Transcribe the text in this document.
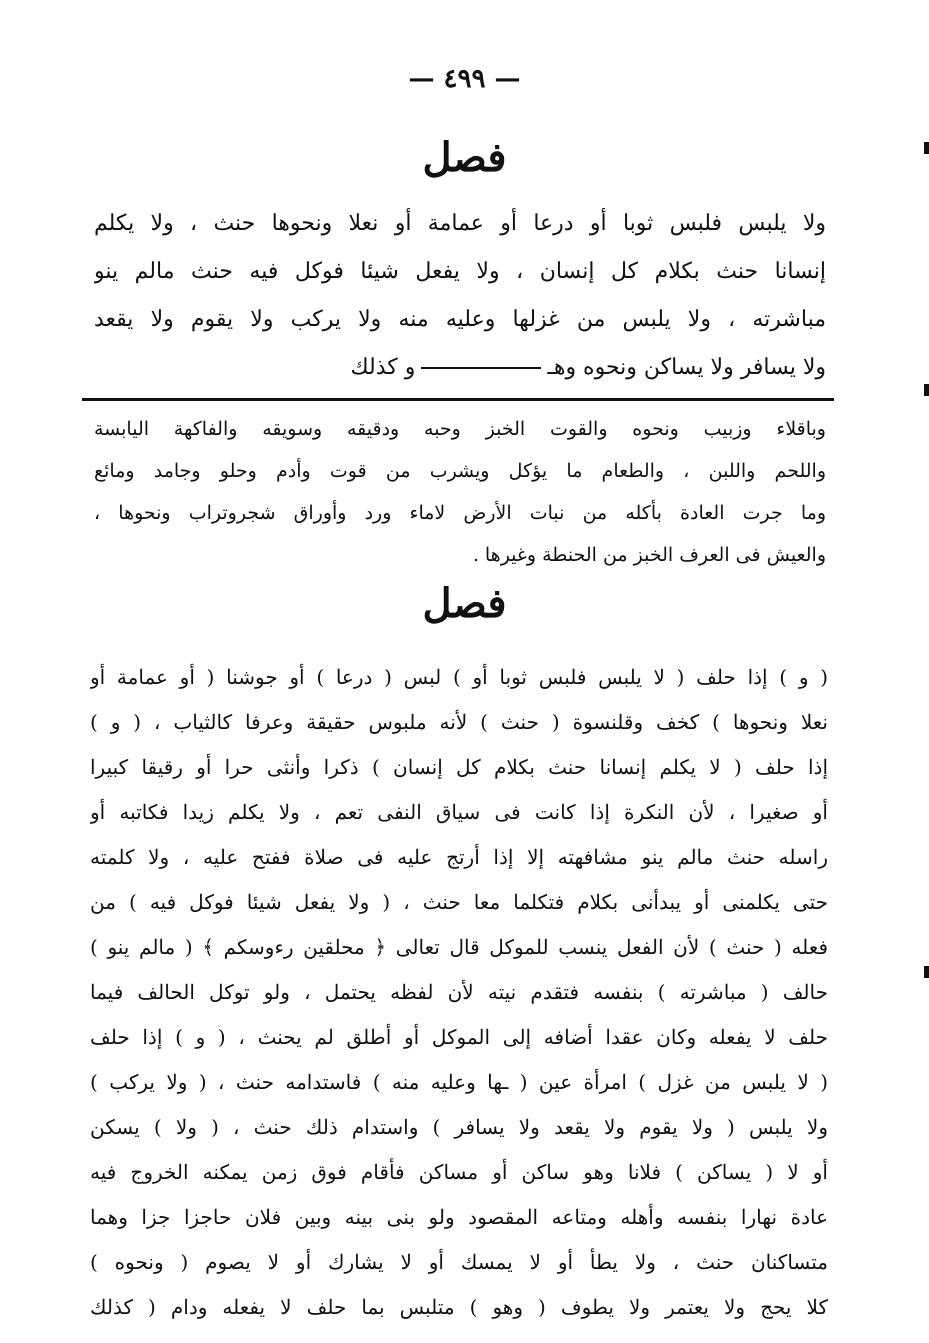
— ٤٩٩ —
فصل
ولا يلبس فلبس ثوبا أو درعا أو عمامة أو نعلا ونحوها حنث ، ولا يكلم
إنسانا حنث بكلام كل إنسان ، ولا يفعل شيئا فوكل فيه حنث مالم ينو
مباشرته ، ولا يلبس من غزلها وعليه منه ولا يركب ولا يقوم ولا يقعد
ولا يسافر ولا يساكن ونحوه وهـو كذلك
وباقلاء وزبيب ونحوه والقوت الخبز وحبه ودقيقه وسويقه والفاكهة اليابسة
واللحم واللبن ، والطعام ما يؤكل ويشرب من قوت وأدم وحلو وجامد ومائع
وما جرت العادة بأكله من نبات الأرض لاماء ورد وأوراق شجروتراب ونحوها ،
والعيش فى العرف الخبز من الحنطة وغيرها .
فصل
( و ) إذا حلف ( لا يلبس فلبس ثوبا أو ) لبس ( درعا ) أو جوشنا ( أو عمامة أو
نعلا ونحوها ) كخف وقلنسوة ( حنث ) لأنه ملبوس حقيقة وعرفا كالثياب ، ( و )
إذا حلف ( لا يكلم إنسانا حنث بكلام كل إنسان ) ذكرا وأنثى حرا أو رقيقا كبيرا
أو صغيرا ، لأن النكرة إذا كانت فى سياق النفى تعم ، ولا يكلم زيدا فكاتبه أو
راسله حنث مالم ينو مشافهته إلا إذا أرتج عليه فى صلاة ففتح عليه ، ولا كلمته
حتى يكلمنى أو يبدأنى بكلام فتكلما معا حنث ، ( ولا يفعل شيئا فوكل فيه ) من
فعله ( حنث ) لأن الفعل ينسب للموكل قال تعالى ﴿ محلقين رءوسكم ﴾ ( مالم ينو )
حالف ( مباشرته ) بنفسه فتقدم نيته لأن لفظه يحتمل ، ولو توكل الحالف فيما
حلف لا يفعله وكان عقدا أضافه إلى الموكل أو أطلق لم يحنث ، ( و ) إذا حلف
( لا يلبس من غزل ) امرأة عين ( ـها وعليه منه ) فاستدامه حنث ، ( ولا يركب )
ولا يلبس ( ولا يقوم ولا يقعد ولا يسافر ) واستدام ذلك حنث ، ( ولا ) يسكن
أو لا ( يساكن ) فلانا وهو ساكن أو مساكن فأقام فوق زمن يمكنه الخروج فيه
عادة نهارا بنفسه وأهله ومتاعه المقصود ولو بنى بينه وبين فلان حاجزا جزا وهما
متساكنان حنث ، ولا يطأ أو لا يمسك أو لا يشارك أو لا يصوم ( ونحوه )
كلا يحج ولا يعتمر ولا يطوف ( وهو ) متلبس بما حلف لا يفعله ودام ( كذلك
